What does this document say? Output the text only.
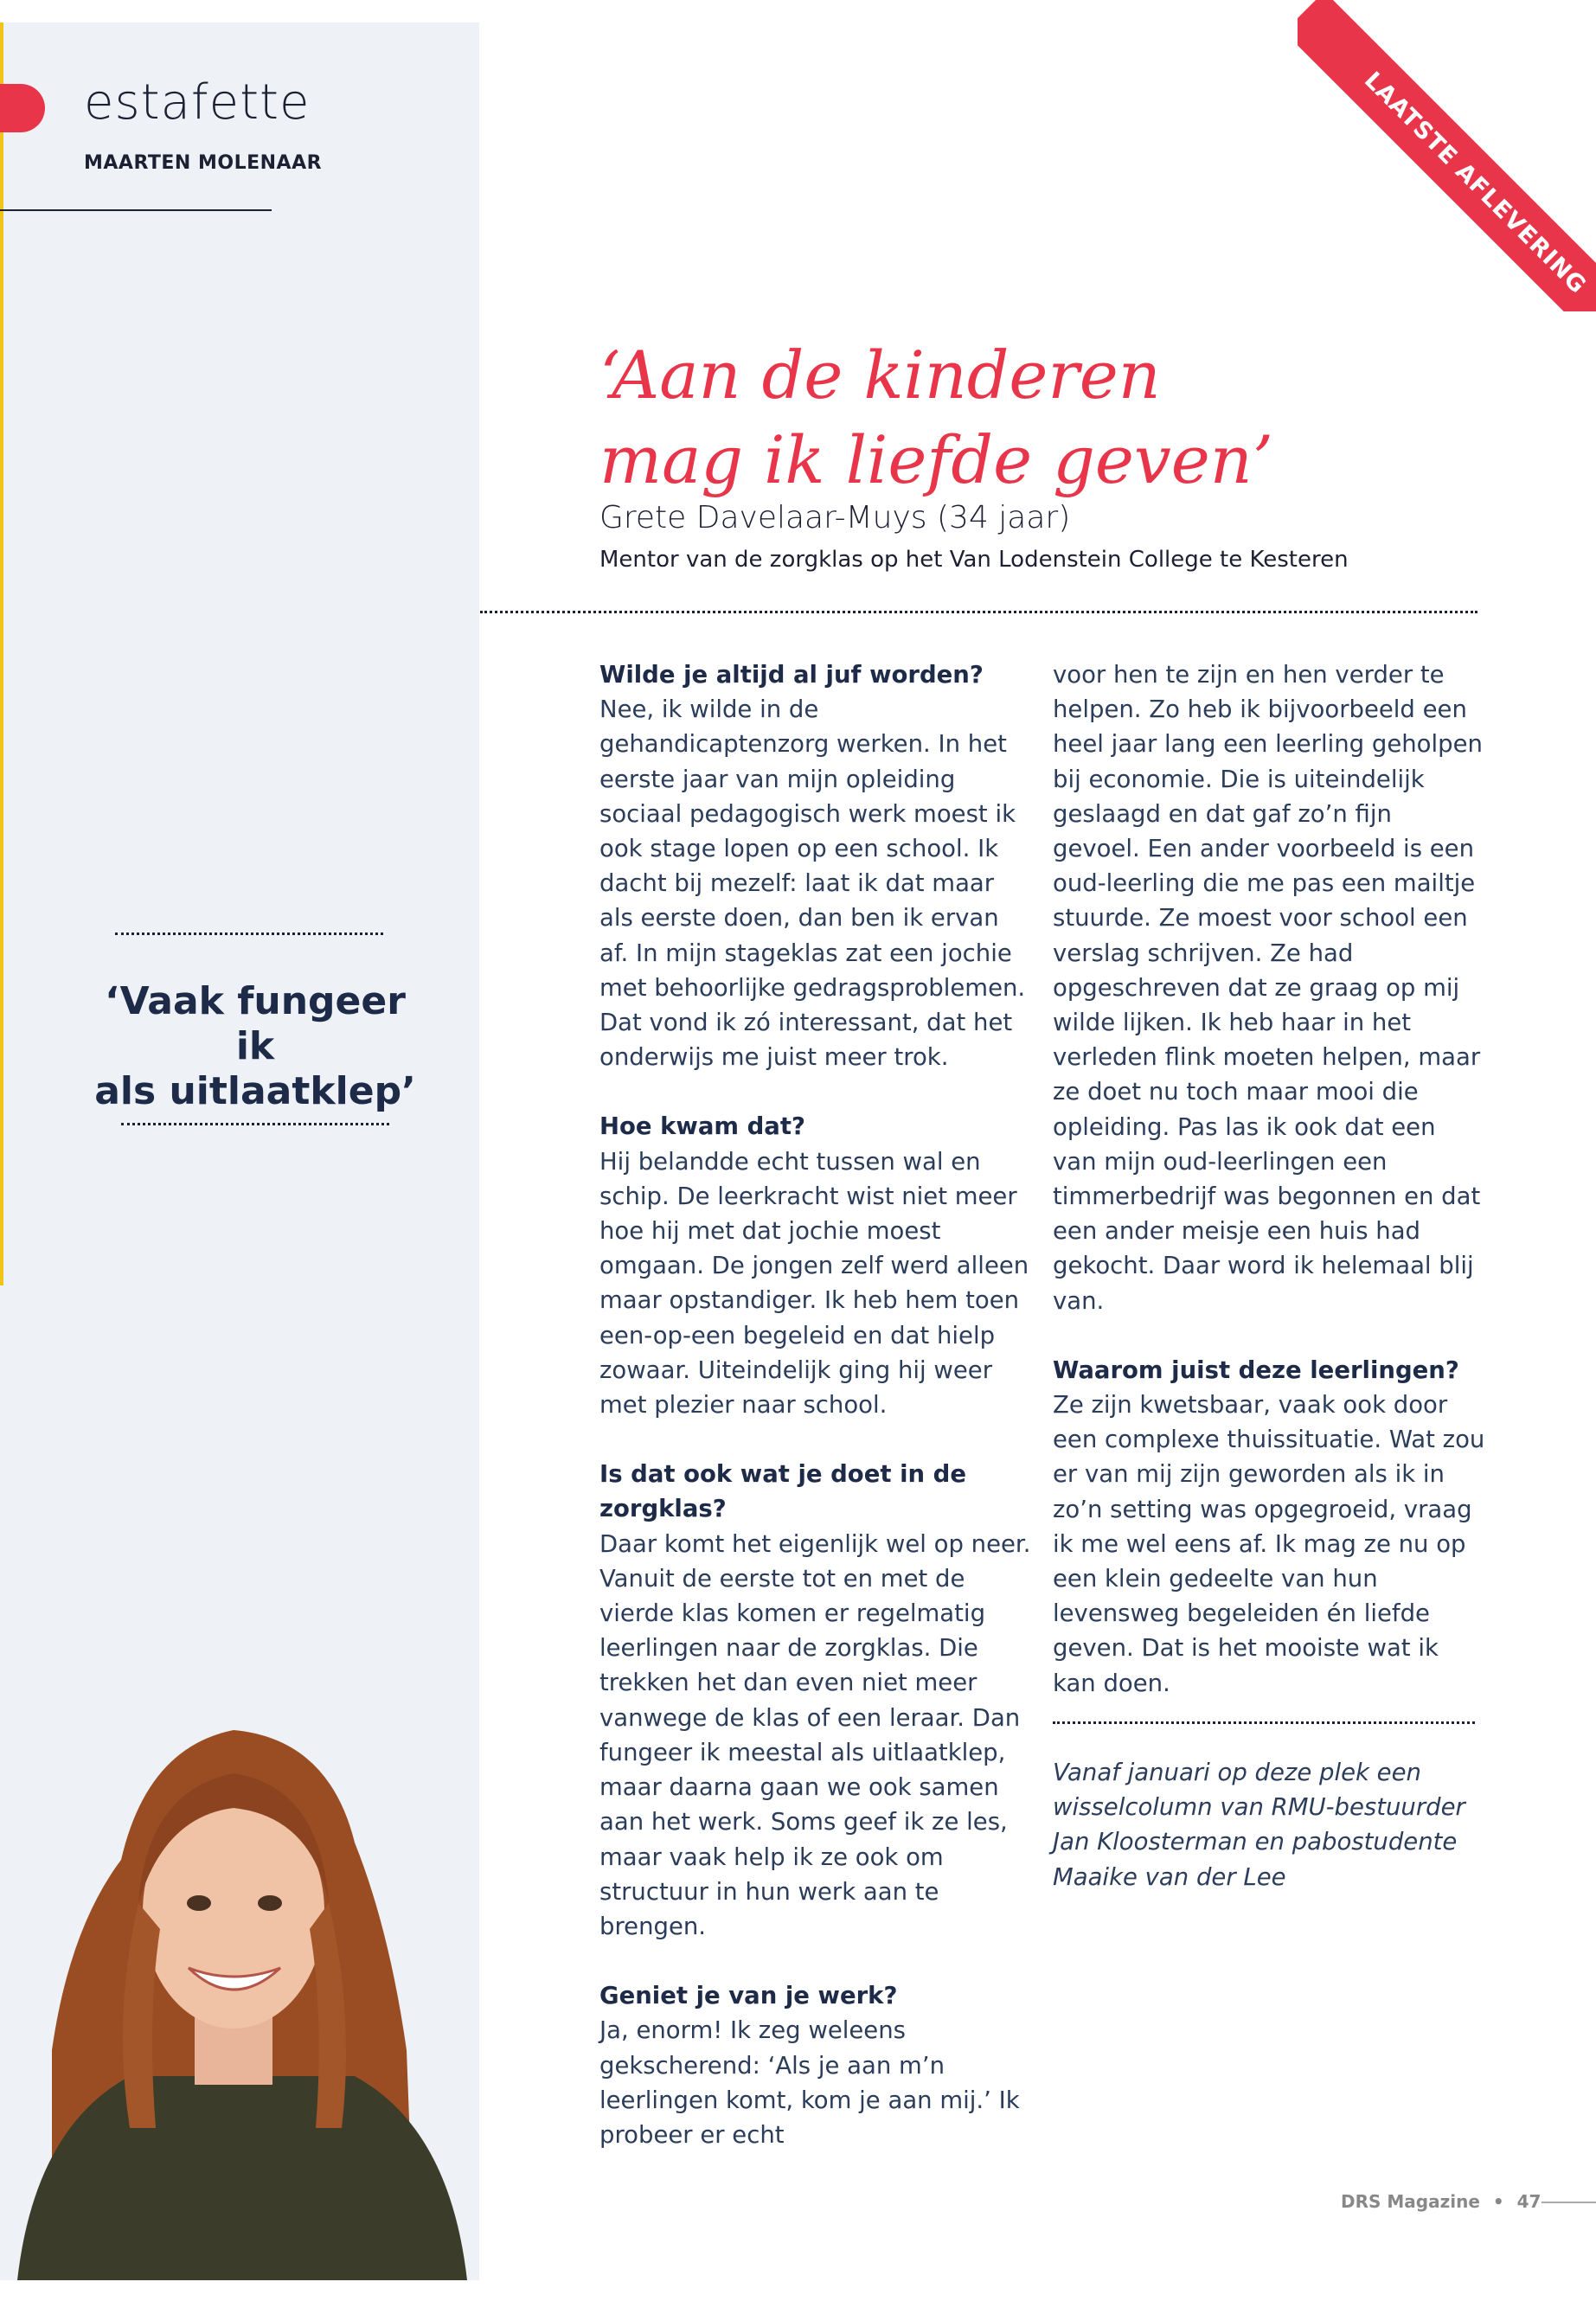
estafette
MAARTEN MOLENAAR	LAATSTE AFLEVERING
‘Aan de kinderen
mag ik liefde geven’
Grete Davelaar-Muys (34 jaar)
Mentor van de zorgklas op het Van Lodenstein College te Kesteren
‘Vaak fungeer ik
als uitlaatklep’
Wilde je altijd al juf worden?

Nee, ik wilde in de gehandicaptenzorg werken. In het eerste jaar van mijn opleiding sociaal pedagogisch werk moest ik ook stage lopen op een school. Ik dacht bij mezelf: laat ik dat maar als eerste doen, dan ben ik ervan af. In mijn stageklas zat een jochie met behoorlijke gedragsproblemen. Dat vond ik zó interessant, dat het onderwijs me juist meer trok.

Hoe kwam dat?

Hij belandde echt tussen wal en schip. De leerkracht wist niet meer hoe hij met dat jochie moest omgaan. De jongen zelf werd alleen maar opstandiger. Ik heb hem toen een-op-een begeleid en dat hielp zowaar. Uiteindelijk ging hij weer met plezier naar school.

Is dat ook wat je doet in de zorgklas?

Daar komt het eigenlijk wel op neer. Vanuit de eerste tot en met de vierde klas komen er regelmatig leerlingen naar de zorgklas. Die trekken het dan even niet meer vanwege de klas of een leraar. Dan fungeer ik meestal als uitlaatklep, maar daarna gaan we ook samen aan het werk. Soms geef ik ze les, maar vaak help ik ze ook om structuur in hun werk aan te brengen.

Geniet je van je werk?

Ja, enorm! Ik zeg weleens gekscherend: ‘Als je aan m’n leerlingen komt, kom je aan mij.’ Ik probeer er echt

voor hen te zijn en hen verder te helpen. Zo heb ik bijvoorbeeld een heel jaar lang een leerling geholpen bij economie. Die is uiteindelijk geslaagd en dat gaf zo’n fijn gevoel. Een ander voorbeeld is een oud-leerling die me pas een mailtje stuurde. Ze moest voor school een verslag schrijven. Ze had opgeschreven dat ze graag op mij wilde lijken. Ik heb haar in het verleden flink moeten helpen, maar ze doet nu toch maar mooi die opleiding. Pas las ik ook dat een van mijn oud-leerlingen een timmerbedrijf was begonnen en dat een ander meisje een huis had gekocht. Daar word ik helemaal blij van.

Waarom juist deze leerlingen?

Ze zijn kwetsbaar, vaak ook door een complexe thuissituatie. Wat zou er van mij zijn geworden als ik in zo’n setting was opgegroeid, vraag ik me wel eens af. Ik mag ze nu op een klein gedeelte van hun levensweg begeleiden én liefde geven. Dat is het mooiste wat ik kan doen.

Vanaf januari op deze plek een wisselcolumn van RMU-bestuurder Jan Kloosterman en pabostudente Maaike van der Lee

DRS Magazine • 47
